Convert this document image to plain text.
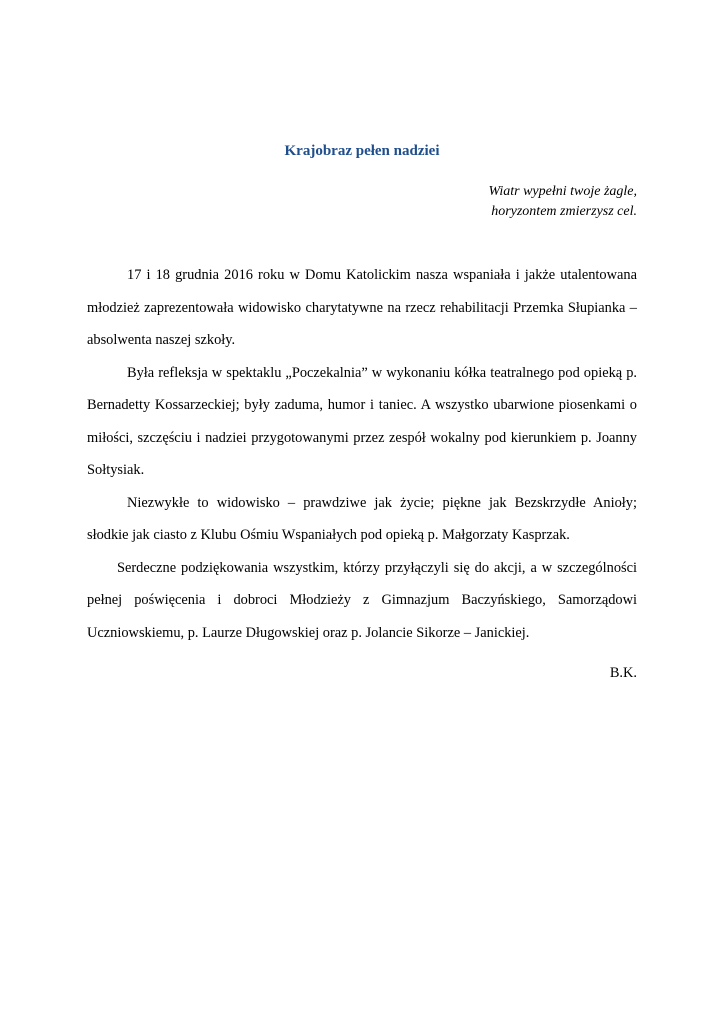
Krajobraz pełen nadziei
Wiatr wypełni twoje żagle,
horyzontem zmierzysz cel.

17 i 18 grudnia 2016 roku w Domu Katolickim nasza wspaniała i jakże utalentowana młodzież zaprezentowała widowisko charytatywne na rzecz rehabilitacji Przemka Słupianka – absolwenta naszej szkoły.

Była refleksja w spektaklu „Poczekalnia” w wykonaniu kółka teatralnego pod opieką p. Bernadetty Kossarzeckiej; były zaduma, humor i taniec. A wszystko ubarwione piosenkami o miłości, szczęściu i nadziei przygotowanymi przez zespół wokalny pod kierunkiem p. Joanny Sołtysiak.

Niezwykłe to widowisko – prawdziwe jak życie; piękne jak Bezskrzydłe Anioły; słodkie jak ciasto z Klubu Ośmiu Wspaniałych pod opieką p. Małgorzaty Kasprzak.

Serdeczne podziękowania wszystkim, którzy przyłączyli się do akcji, a w szczególności pełnej poświęcenia i dobroci Młodzieży z Gimnazjum Baczyńskiego, Samorządowi Uczniowskiemu, p. Laurze Długowskiej oraz p. Jolancie Sikorze – Janickiej.

B.K.
